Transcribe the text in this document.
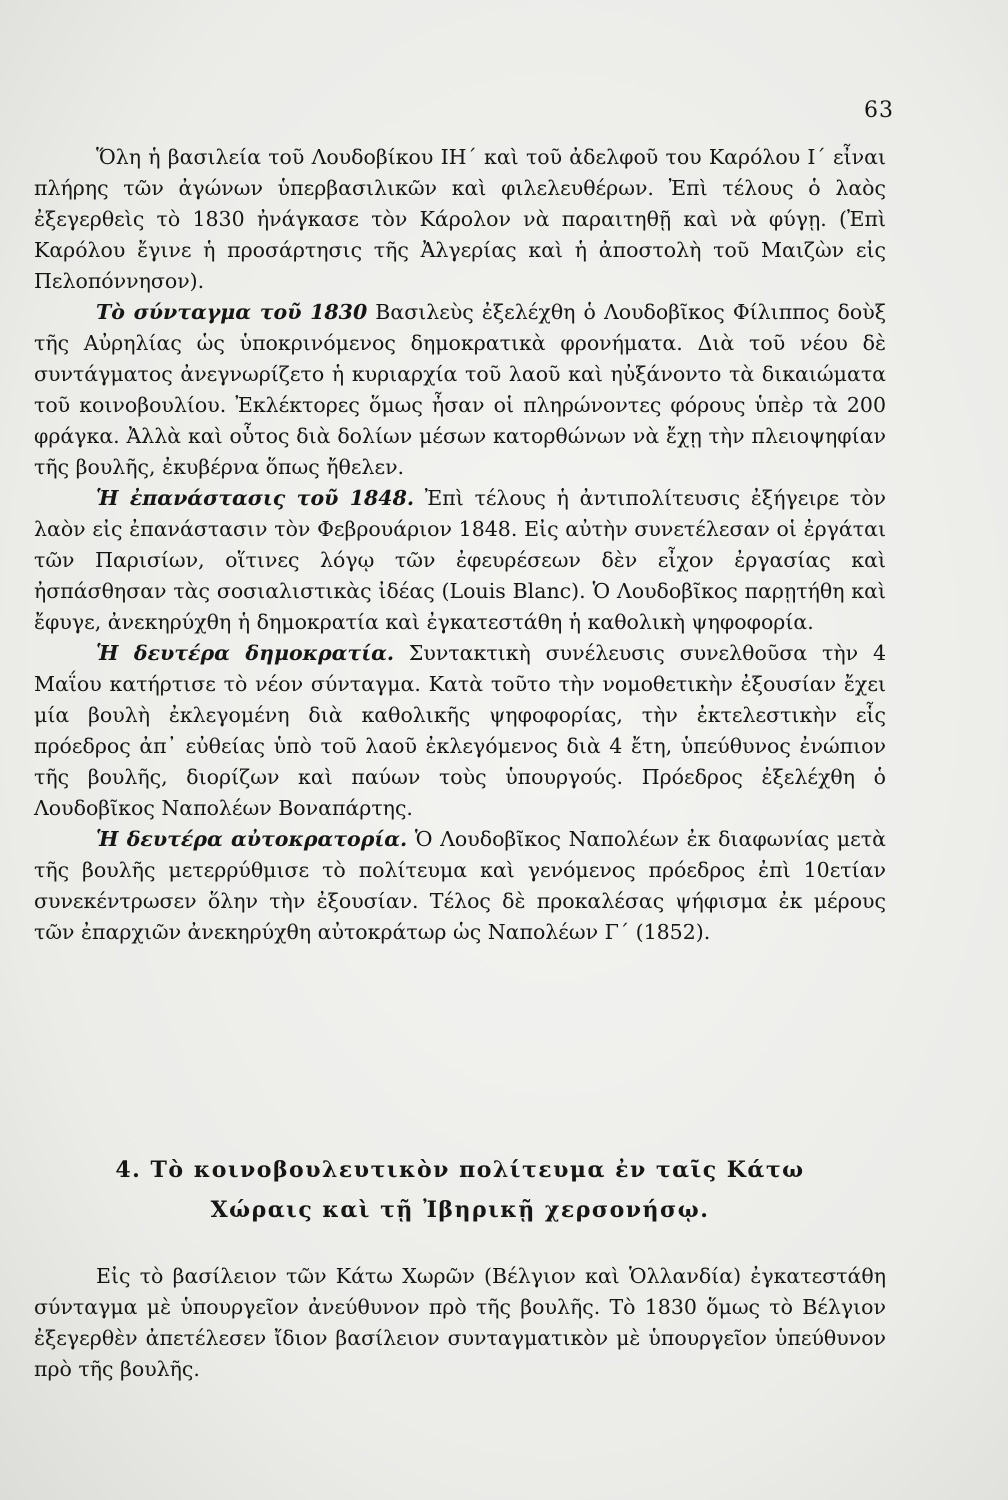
63

Ὅλη ἡ βασιλεία τοῦ Λουδοβίκου ΙΗ΄ καὶ τοῦ ἀδελφοῦ του Καρόλου Ι΄ εἶναι πλήρης τῶν ἀγώνων ὑπερβασιλικῶν καὶ φιλελευθέρων. Ἐπὶ τέλους ὁ λαὸς ἐξεγερθεὶς τὸ 1830 ἠνάγκασε τὸν Κάρολον νὰ παραιτηθῇ καὶ νὰ φύγῃ. (Ἐπὶ Καρόλου ἔγινε ἡ προσάρτησις τῆς Ἀλγερίας καὶ ἡ ἀποστολὴ τοῦ Μαιζὼν εἰς Πελοπόννησον).

Τὸ σύνταγμα τοῦ 1830 Βασιλεὺς ἐξελέχθη ὁ Λουδοβῖκος Φίλιππος δοὺξ τῆς Αὐρηλίας ὡς ὑποκρινόμενος δημοκρατικὰ φρονήματα. Διὰ τοῦ νέου δὲ συντάγματος ἀνεγνωρίζετο ἡ κυριαρχία τοῦ λαοῦ καὶ ηὐξάνοντο τὰ δικαιώματα τοῦ κοινοβουλίου. Ἐκλέκτορες ὅμως ἦσαν οἱ πληρώνοντες φόρους ὑπὲρ τὰ 200 φράγκα. Ἀλλὰ καὶ οὗτος διὰ δολίων μέσων κατορθώνων νὰ ἔχῃ τὴν πλειοψηφίαν τῆς βουλῆς, ἐκυβέρνα ὅπως ἤθελεν.

Ἡ ἐπανάστασις τοῦ 1848. Ἐπὶ τέλους ἡ ἀντιπολίτευσις ἐξήγειρε τὸν λαὸν εἰς ἐπανάστασιν τὸν Φεβρουάριον 1848. Εἰς αὐτὴν συνετέλεσαν οἱ ἐργάται τῶν Παρισίων, οἵτινες λόγῳ τῶν ἐφευρέσεων δὲν εἶχον ἐργασίας καὶ ἠσπάσθησαν τὰς σοσιαλιστικὰς ἰδέας (Louis Blanc). Ὁ Λουδοβῖκος παρῃτήθη καὶ ἔφυγε, ἀνεκηρύχθη ἡ δημοκρατία καὶ ἐγκατεστάθη ἡ καθολικὴ ψηφοφορία.

Ἡ δευτέρα δημοκρατία. Συντακτικὴ συνέλευσις συνελθοῦσα τὴν 4 Μαΐου κατήρτισε τὸ νέον σύνταγμα. Κατὰ τοῦτο τὴν νομοθετικὴν ἐξουσίαν ἔχει μία βουλὴ ἐκλεγομένη διὰ καθολικῆς ψηφοφορίας, τὴν ἐκτελεστικὴν εἷς πρόεδρος ἀπ᾿ εὐθείας ὑπὸ τοῦ λαοῦ ἐκλεγόμενος διὰ 4 ἔτη, ὑπεύθυνος ἐνώπιον τῆς βουλῆς, διορίζων καὶ παύων τοὺς ὑπουργούς. Πρόεδρος ἐξελέχθη ὁ Λουδοβῖκος Ναπολέων Βοναπάρτης.

Ἡ δευτέρα αὐτοκρατορία. Ὁ Λουδοβῖκος Ναπολέων ἐκ διαφωνίας μετὰ τῆς βουλῆς μετερρύθμισε τὸ πολίτευμα καὶ γενόμενος πρόεδρος ἐπὶ 10ετίαν συνεκέντρωσεν ὅλην τὴν ἐξουσίαν. Τέλος δὲ προκαλέσας ψήφισμα ἐκ μέρους τῶν ἐπαρχιῶν ἀνεκηρύχθη αὐτοκράτωρ ὡς Ναπολέων Γ΄ (1852).

4. Τὸ κοινοβουλευτικὸν πολίτευμα ἐν ταῖς Κάτω
Χώραις καὶ τῇ Ἰβηρικῇ χερσονήσῳ.

Εἰς τὸ βασίλειον τῶν Κάτω Χωρῶν (Βέλγιον καὶ Ὁλλανδία) ἐγκατεστάθη σύνταγμα μὲ ὑπουργεῖον ἀνεύθυνον πρὸ τῆς βουλῆς. Τὸ 1830 ὅμως τὸ Βέλγιον ἐξεγερθὲν ἀπετέλεσεν ἴδιον βασίλειον συνταγματικὸν μὲ ὑπουργεῖον ὑπεύθυνον πρὸ τῆς βουλῆς.
